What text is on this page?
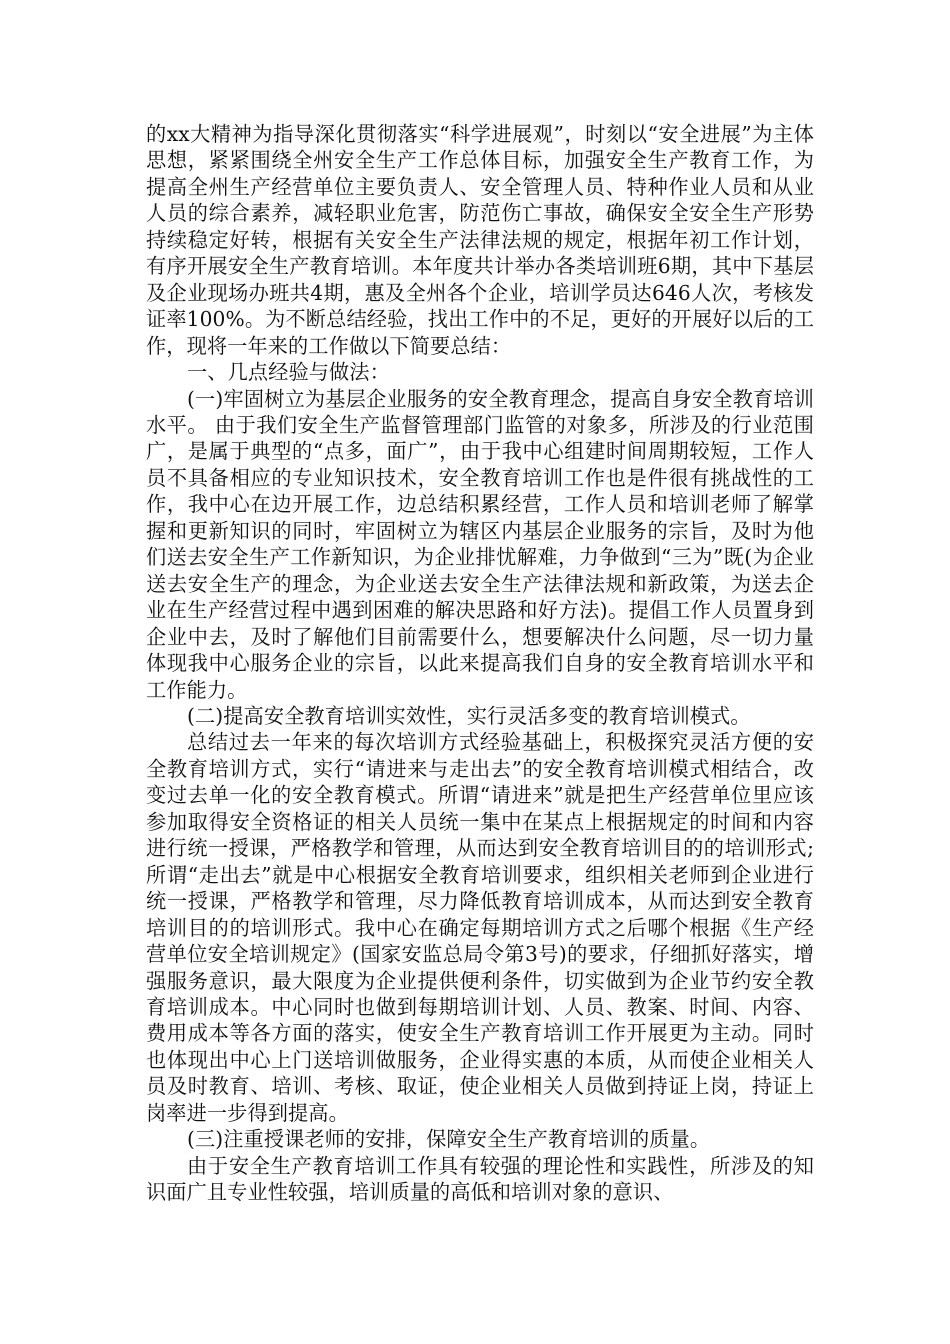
的xx大精神为指导深化贯彻落实“科学进展观”，时刻以“安全进展”为主体思想，紧紧围绕全州安全生产工作总体目标，加强安全生产教育工作，为提高全州生产经营单位主要负责人、安全管理人员、特种作业人员和从业人员的综合素养，减轻职业危害，防范伤亡事故，确保安全安全生产形势持续稳定好转，根据有关安全生产法律法规的规定，根据年初工作计划，有序开展安全生产教育培训。本年度共计举办各类培训班6期，其中下基层及企业现场办班共4期，惠及全州各个企业，培训学员达646人次，考核发证率100%。为不断总结经验，找出工作中的不足，更好的开展好以后的工作，现将一年来的工作做以下简要总结：

一、几点经验与做法：

(一)牢固树立为基层企业服务的安全教育理念，提高自身安全教育培训水平。 由于我们安全生产监督管理部门监管的对象多，所涉及的行业范围广，是属于典型的“点多，面广”，由于我中心组建时间周期较短，工作人员不具备相应的专业知识技术，安全教育培训工作也是件很有挑战性的工作，我中心在边开展工作，边总结积累经营，工作人员和培训老师了解掌握和更新知识的同时，牢固树立为辖区内基层企业服务的宗旨，及时为他们送去安全生产工作新知识，为企业排忧解难，力争做到“三为”既(为企业送去安全生产的理念，为企业送去安全生产法律法规和新政策，为送去企业在生产经营过程中遇到困难的解决思路和好方法)。提倡工作人员置身到企业中去，及时了解他们目前需要什么，想要解决什么问题，尽一切力量体现我中心服务企业的宗旨，以此来提高我们自身的安全教育培训水平和工作能力。

(二)提高安全教育培训实效性，实行灵活多变的教育培训模式。

总结过去一年来的每次培训方式经验基础上，积极探究灵活方便的安全教育培训方式，实行“请进来与走出去”的安全教育培训模式相结合，改变过去单一化的安全教育模式。所谓“请进来”就是把生产经营单位里应该参加取得安全资格证的相关人员统一集中在某点上根据规定的时间和内容进行统一授课，严格教学和管理，从而达到安全教育培训目的的培训形式;所谓“走出去”就是中心根据安全教育培训要求，组织相关老师到企业进行统一授课，严格教学和管理，尽力降低教育培训成本，从而达到安全教育培训目的的培训形式。我中心在确定每期培训方式之后哪个根据《生产经营单位安全培训规定》(国家安监总局令第3号)的要求，仔细抓好落实，增强服务意识，最大限度为企业提供便利条件，切实做到为企业节约安全教育培训成本。中心同时也做到每期培训计划、人员、教案、时间、内容、费用成本等各方面的落实，使安全生产教育培训工作开展更为主动。同时也体现出中心上门送培训做服务，企业得实惠的本质，从而使企业相关人员及时教育、培训、考核、取证，使企业相关人员做到持证上岗，持证上岗率进一步得到提高。

(三)注重授课老师的安排，保障安全生产教育培训的质量。

由于安全生产教育培训工作具有较强的理论性和实践性，所涉及的知识面广且专业性较强，培训质量的高低和培训对象的意识、
